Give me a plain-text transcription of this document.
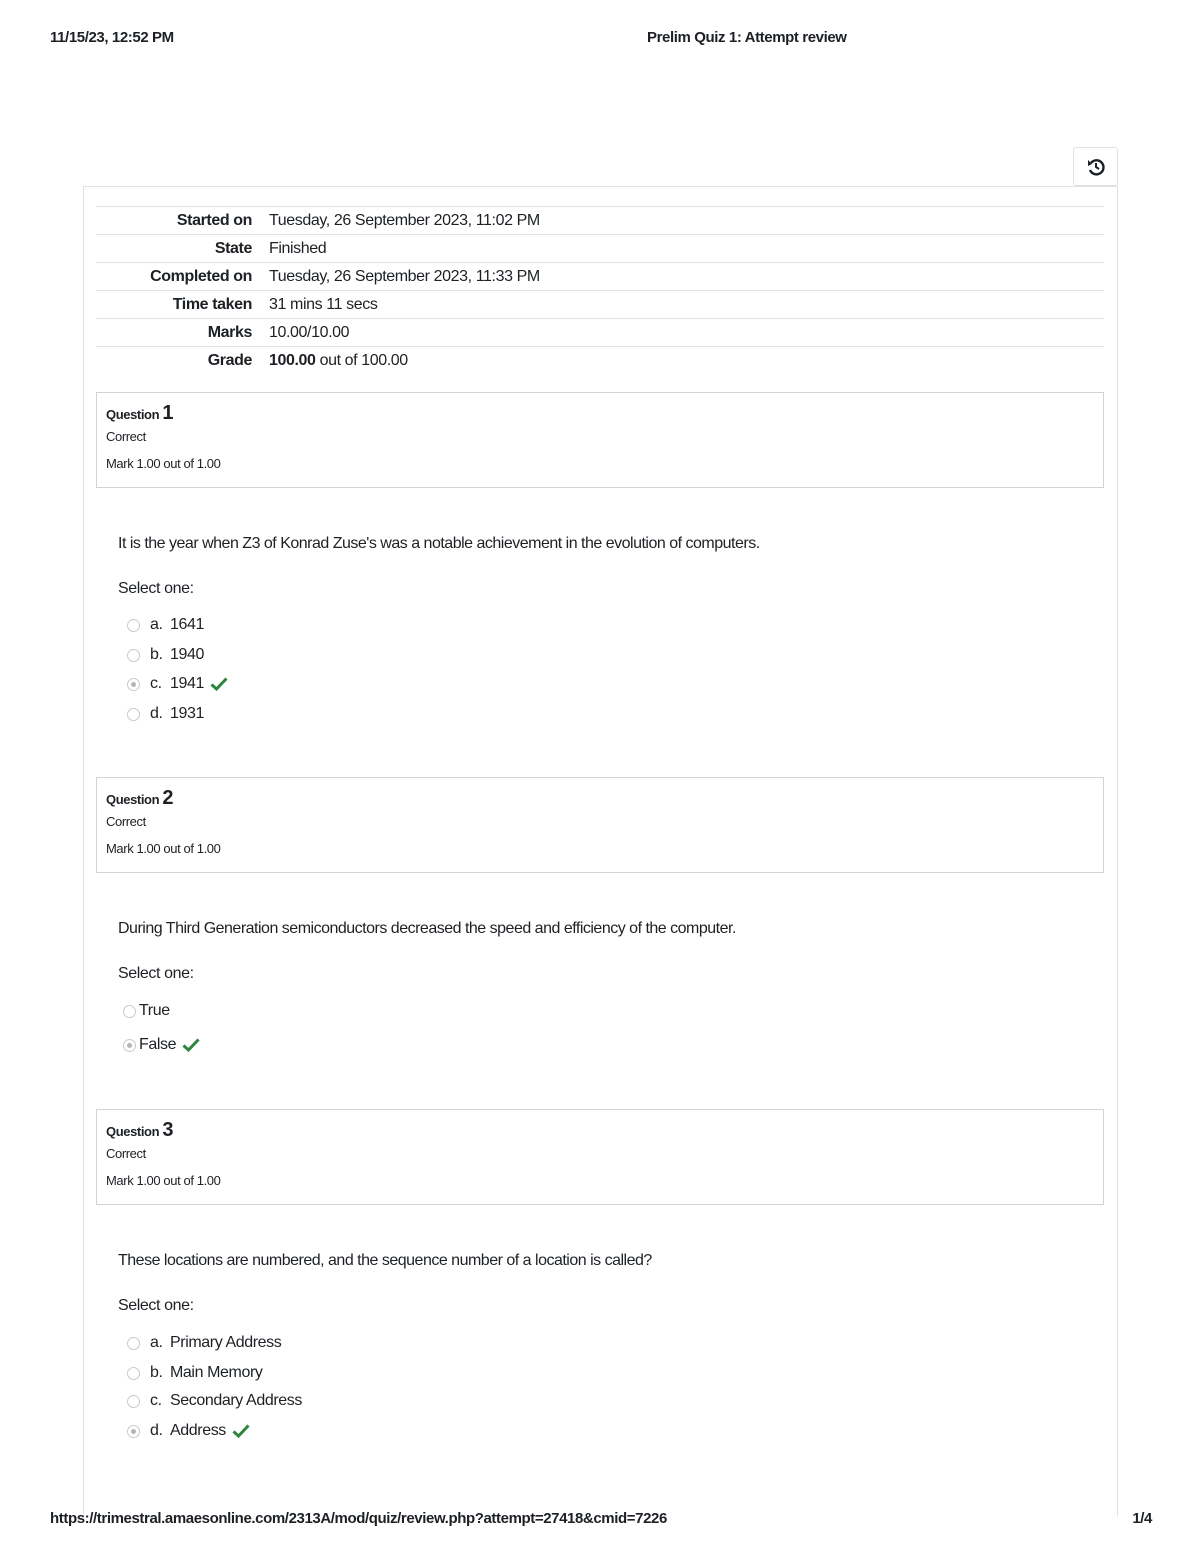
11/15/23, 12:52 PM	Prelim Quiz 1: Attempt review
Started on	Tuesday, 26 September 2023, 11:02 PM
State	Finished
Completed on	Tuesday, 26 September 2023, 11:33 PM
Time taken	31 mins 11 secs
Marks	10.00/10.00
Grade	100.00 out of 100.00
Question 1
Correct
Mark 1.00 out of 1.00
It is the year when Z3 of Konrad Zuse's was a notable achievement in the evolution of computers.
Select one:
a. 1641
b. 1940
c. 1941
d. 1931
Question 2
Correct
Mark 1.00 out of 1.00
During Third Generation semiconductors decreased the speed and efficiency of the computer.
Select one:
True
False
Question 3
Correct
Mark 1.00 out of 1.00
These locations are numbered, and the sequence number of a location is called?
Select one:
a. Primary Address
b. Main Memory
c. Secondary Address
d. Address
https://trimestral.amaesonline.com/2313A/mod/quiz/review.php?attempt=27418&cmid=7226	1/4
